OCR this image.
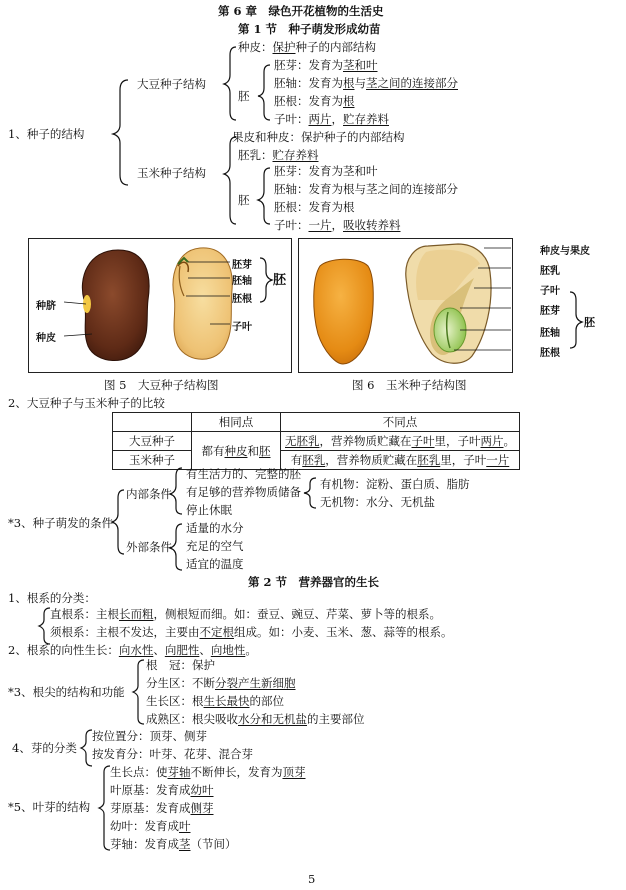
第 6 章　绿色开花植物的生活史
第 1 节　种子萌发形成幼苗
1、种子的结构
大豆种子结构
种皮：保护种子的内部结构
胚
胚芽：发育为茎和叶
胚轴：发育为根与茎之间的连接部分
胚根：发育为根
子叶：两片，贮存养料
玉米种子结构
果皮和种皮：保护种子的内部结构
胚乳：贮存养料
胚
胚芽：发育为茎和叶
胚轴：发育为根与茎之间的连接部分
胚根：发育为根
子叶：一片，吸收转养料
种脐
种皮
胚芽
胚轴
胚根
子叶
胚
图 5　大豆种子结构图
种皮与果皮
胚乳
子叶
胚芽
胚轴
胚根
胚
图 6　玉米种子结构图
2、大豆种子与玉米种子的比较
	相同点	不同点
大豆种子	都有种皮和胚	无胚乳，营养物质贮藏在子叶里，子叶两片。
玉米种子		有胚乳，营养物质贮藏在胚乳里，子叶一片
*3、种子萌发的条件
内部条件
有生活力的、完整的胚
有足够的营养物质储备
停止休眠
有机物：淀粉、蛋白质、脂肪
无机物：水分、无机盐
外部条件
适量的水分
充足的空气
适宜的温度
第 2 节　营养器官的生长
1、根系的分类：
直根系：主根长而粗，侧根短而细。如：蚕豆、豌豆、芹菜、萝卜等的根系。
须根系：主根不发达，主要由不定根组成。如：小麦、玉米、葱、蒜等的根系。
2、根系的向性生长：向水性、向肥性、向地性。
*3、根尖的结构和功能
根　冠：保护
分生区：不断分裂产生新细胞
生长区：根生长最快的部位
成熟区：根尖吸收水分和无机盐的主要部位
4、芽的分类
按位置分：顶芽、侧芽
按发育分：叶芽、花芽、混合芽
*5、叶芽的结构
生长点：使芽轴不断伸长，发育为顶芽
叶原基：发育成幼叶
芽原基：发育成侧芽
幼叶：发育成叶
芽轴：发育成茎（节间）
5
